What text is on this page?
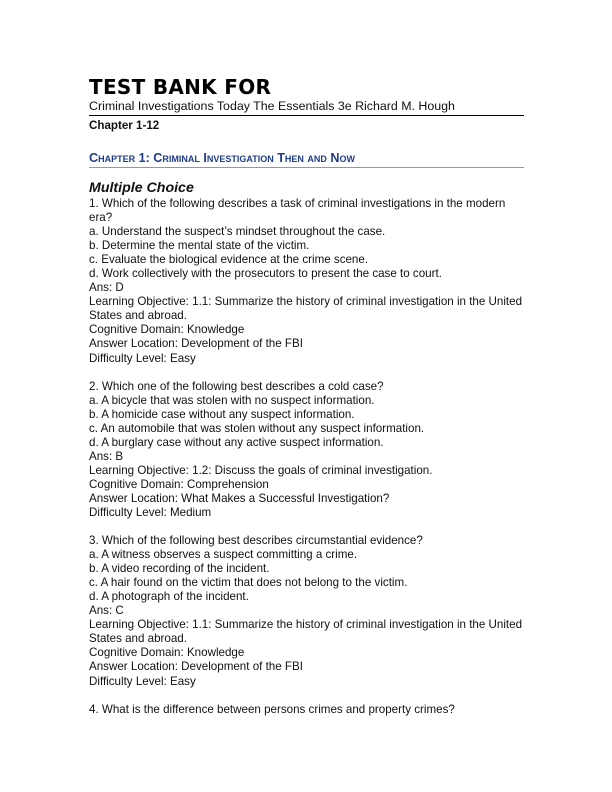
TEST BANK FOR
Criminal Investigations Today The Essentials 3e Richard M. Hough
Chapter 1-12
Chapter 1: Criminal Investigation Then and Now
Multiple Choice
1. Which of the following describes a task of criminal investigations in the modern era?
a. Understand the suspect’s mindset throughout the case.
b. Determine the mental state of the victim.
c. Evaluate the biological evidence at the crime scene.
d. Work collectively with the prosecutors to present the case to court.
Ans: D
Learning Objective: 1.1: Summarize the history of criminal investigation in the United States and abroad.
Cognitive Domain: Knowledge
Answer Location: Development of the FBI
Difficulty Level: Easy
2. Which one of the following best describes a cold case?
a. A bicycle that was stolen with no suspect information.
b. A homicide case without any suspect information.
c. An automobile that was stolen without any suspect information.
d. A burglary case without any active suspect information.
Ans: B
Learning Objective: 1.2: Discuss the goals of criminal investigation.
Cognitive Domain: Comprehension
Answer Location: What Makes a Successful Investigation?
Difficulty Level: Medium
3. Which of the following best describes circumstantial evidence?
a. A witness observes a suspect committing a crime.
b. A video recording of the incident.
c. A hair found on the victim that does not belong to the victim.
d. A photograph of the incident.
Ans: C
Learning Objective: 1.1: Summarize the history of criminal investigation in the United States and abroad.
Cognitive Domain: Knowledge
Answer Location: Development of the FBI
Difficulty Level: Easy
4. What is the difference between persons crimes and property crimes?
